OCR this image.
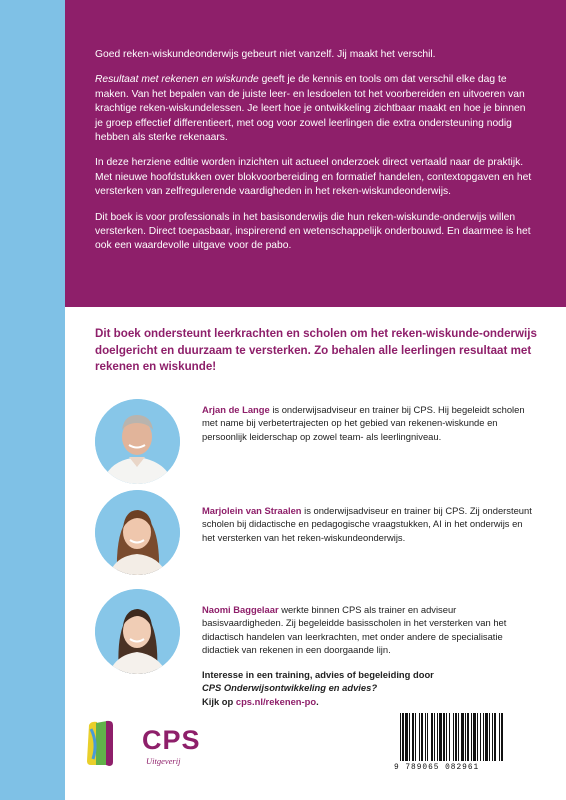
Goed reken-wiskundeonderwijs gebeurt niet vanzelf. Jij maakt het verschil.

Resultaat met rekenen en wiskunde geeft je de kennis en tools om dat verschil elke dag te maken. Van het bepalen van de juiste leer- en lesdoelen tot het voorbereiden en uitvoeren van krachtige reken-wiskundelessen. Je leert hoe je ontwikkeling zichtbaar maakt en hoe je binnen je groep effectief differentieert, met oog voor zowel leerlingen die extra ondersteuning nodig hebben als sterke rekenaars.

In deze herziene editie worden inzichten uit actueel onderzoek direct vertaald naar de praktijk. Met nieuwe hoofdstukken over blokvoorbereiding en formatief handelen, contextopgaven en het versterken van zelfregulerende vaardigheden in het reken-wiskundeonderwijs.

Dit boek is voor professionals in het basisonderwijs die hun reken-wiskunde-onderwijs willen versterken. Direct toepasbaar, inspirerend en wetenschappelijk onderbouwd. En daarmee is het ook een waardevolle uitgave voor de pabo.

Dit boek ondersteunt leerkrachten en scholen om het reken-wiskunde-onderwijs doelgericht en duurzaam te versterken. Zo behalen alle leerlingen resultaat met rekenen en wiskunde!

Arjan de Lange is onderwijsadviseur en trainer bij CPS. Hij begeleidt scholen met name bij verbetertrajecten op het gebied van rekenen-wiskunde en persoonlijk leiderschap op zowel team- als leerlingniveau.
Marjolein van Straalen is onderwijsadviseur en trainer bij CPS. Zij ondersteunt scholen bij didactische en pedagogische vraagstukken, AI in het onderwijs en het versterken van het reken-wiskundeonderwijs.
Naomi Baggelaar werkte binnen CPS als trainer en adviseur basisvaardigheden. Zij begeleidde basisscholen in het versterken van het didactisch handelen van leerkrachten, met onder andere de specialisatie didactiek van rekenen in een doorgaande lijn.
Interesse in een training, advies of begeleiding door
CPS Onderwijsontwikkeling en advies?
Kijk op cps.nl/rekenen-po.
CPS
Uitgeverij
9 789065 082961
